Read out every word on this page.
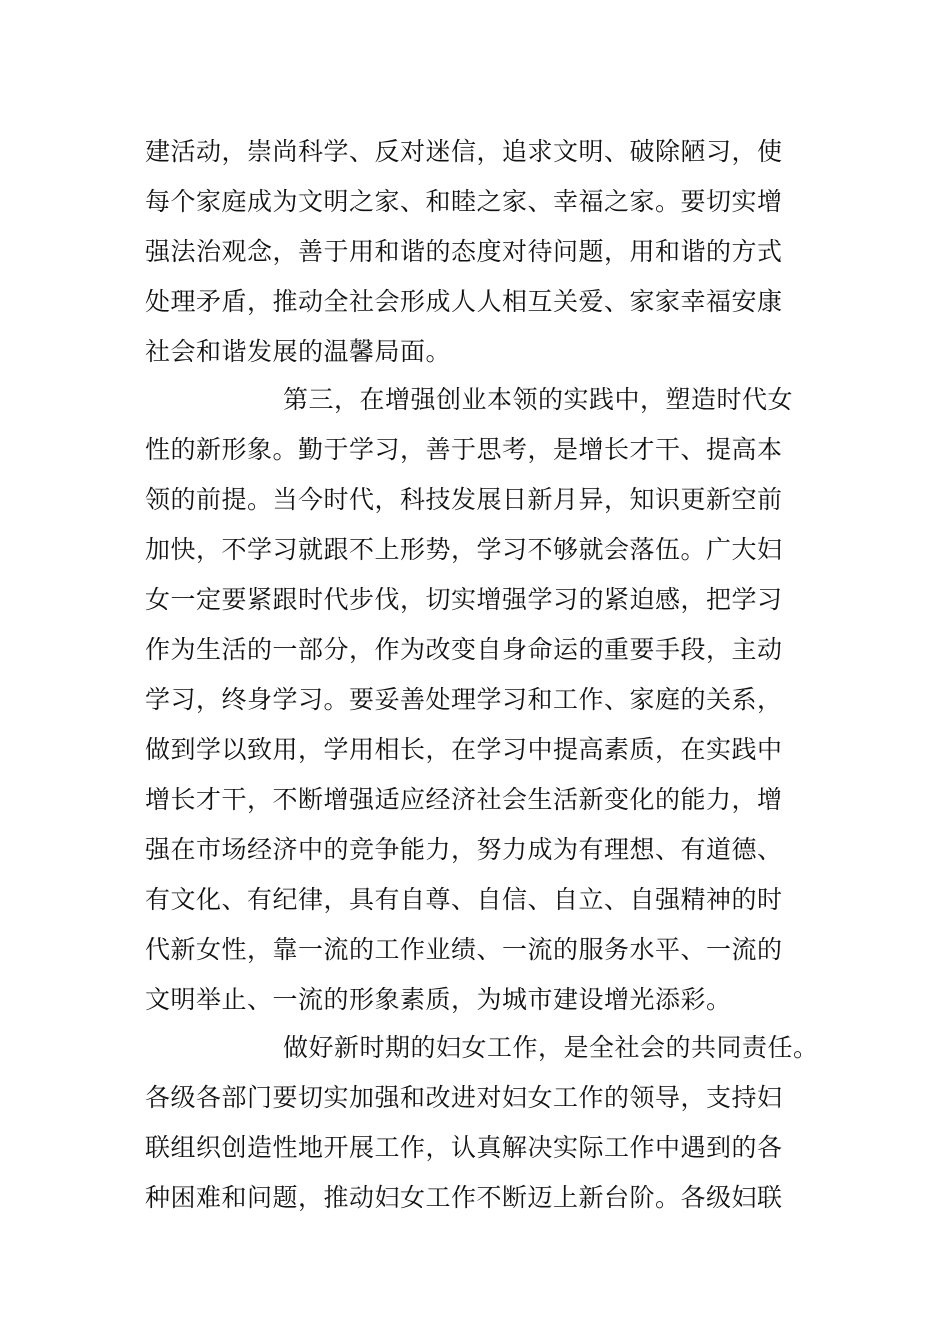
建活动，崇尚科学、反对迷信，追求文明、破除陋习，使
每个家庭成为文明之家、和睦之家、幸福之家。要切实增
强法治观念，善于用和谐的态度对待问题，用和谐的方式
处理矛盾，推动全社会形成人人相互关爱、家家幸福安康
社会和谐发展的温馨局面。
第三，在增强创业本领的实践中，塑造时代女
性的新形象。勤于学习，善于思考，是增长才干、提高本
领的前提。当今时代，科技发展日新月异，知识更新空前
加快，不学习就跟不上形势，学习不够就会落伍。广大妇
女一定要紧跟时代步伐，切实增强学习的紧迫感，把学习
作为生活的一部分，作为改变自身命运的重要手段，主动
学习，终身学习。要妥善处理学习和工作、家庭的关系，
做到学以致用，学用相长，在学习中提高素质，在实践中
增长才干，不断增强适应经济社会生活新变化的能力，增
强在市场经济中的竞争能力，努力成为有理想、有道德、
有文化、有纪律，具有自尊、自信、自立、自强精神的时
代新女性，靠一流的工作业绩、一流的服务水平、一流的
文明举止、一流的形象素质，为城市建设增光添彩。
做好新时期的妇女工作，是全社会的共同责任。
各级各部门要切实加强和改进对妇女工作的领导，支持妇
联组织创造性地开展工作，认真解决实际工作中遇到的各
种困难和问题，推动妇女工作不断迈上新台阶。各级妇联
